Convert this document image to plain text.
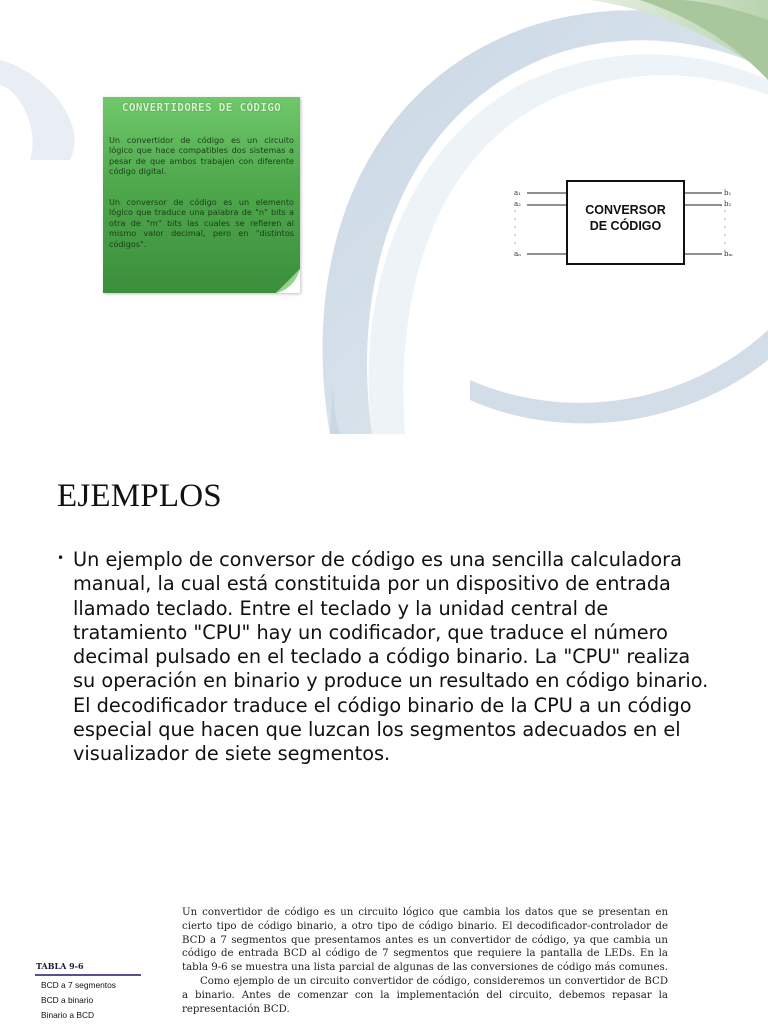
CONVERTIDORES DE CÓDIGO

Un convertidor de código es un circuito lógico que hace compatibles dos sistemas a pesar de que ambos trabajen con diferente código digital.

Un conversor de código es un elemento lógico que traduce una palabra de "n" bits a otra de "m" bits las cuales se refieren al mismo valor decimal, pero en "distintos códigos".

CONVERSOR
DE CÓDIGO
a₁
a₂
·
·
·
·
·
aₙ
b₁
b₂
·
·
·
·
·
bₘ
EJEMPLOS
• Un ejemplo de conversor de código es una sencilla calculadora manual, la cual está constituida por un dispositivo de entrada llamado teclado. Entre el teclado y la unidad central de tratamiento "CPU" hay un codificador, que traduce el número decimal pulsado en el teclado a código binario. La "CPU" realiza su operación en binario y produce un resultado en código binario. El decodificador traduce el código binario de la CPU a un código especial que hacen que luzcan los segmentos adecuados en el visualizador de siete segmentos.

Un convertidor de código es un circuito lógico que cambia los datos que se presentan en cierto tipo de código binario, a otro tipo de código binario. El decodificador-controlador de BCD a 7 segmentos que presentamos antes es un convertidor de código, ya que cambia un código de entrada BCD al código de 7 segmentos que requiere la pantalla de LEDs. En la tabla 9-6 se muestra una lista parcial de algunas de las conversiones de código más comunes.
Como ejemplo de un circuito convertidor de código, consideremos un convertidor de BCD a binario. Antes de comenzar con la implementación del circuito, debemos repasar la representación BCD.

TABLA 9-6
BCD a 7 segmentos
BCD a binario
Binario a BCD
